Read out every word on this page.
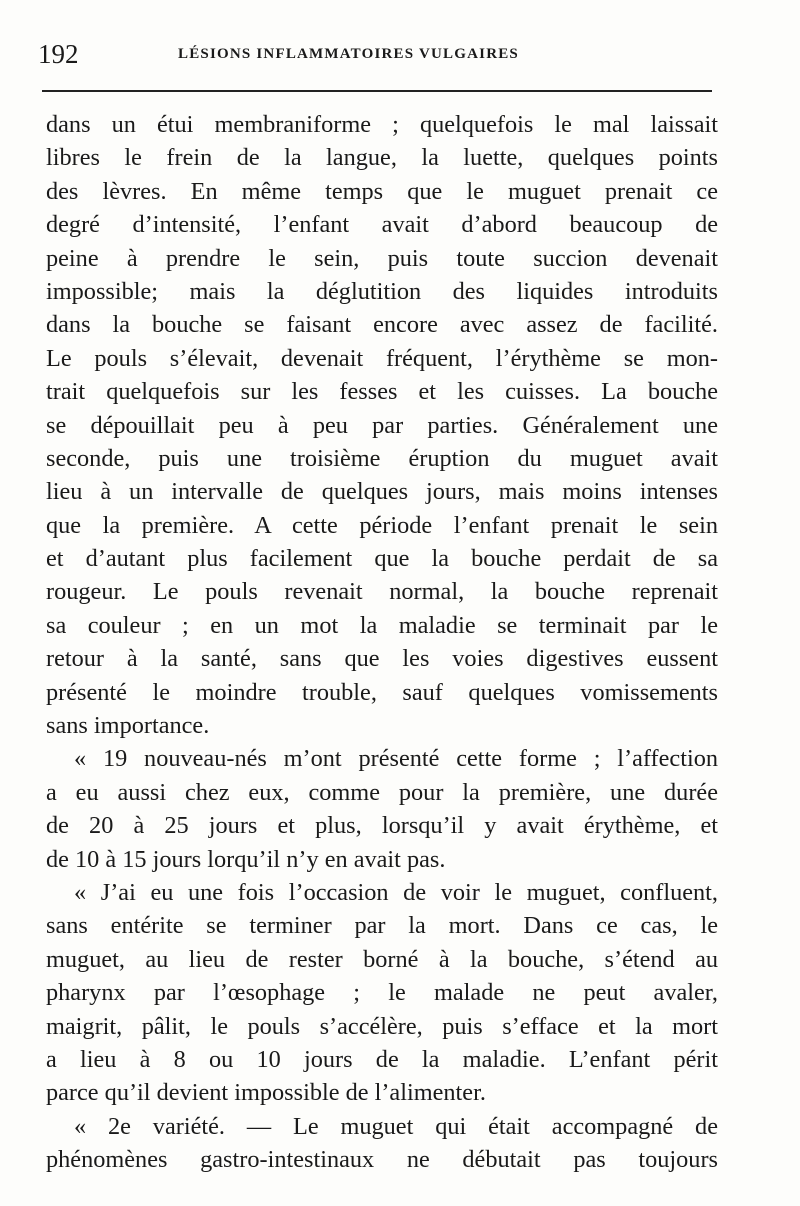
192	LÉSIONS INFLAMMATOIRES VULGAIRES
dans un étui membraniforme ; quelquefois le mal laissait
libres le frein de la langue, la luette, quelques points
des lèvres. En même temps que le muguet prenait ce
degré d’intensité, l’enfant avait d’abord beaucoup de
peine à prendre le sein, puis toute succion devenait
impossible; mais la déglutition des liquides introduits
dans la bouche se faisant encore avec assez de facilité.
Le pouls s’élevait, devenait fréquent, l’érythème se mon-
trait quelquefois sur les fesses et les cuisses. La bouche
se dépouillait peu à peu par parties. Généralement une
seconde, puis une troisième éruption du muguet avait
lieu à un intervalle de quelques jours, mais moins intenses
que la première. A cette période l’enfant prenait le sein
et d’autant plus facilement que la bouche perdait de sa
rougeur. Le pouls revenait normal, la bouche reprenait
sa couleur ; en un mot la maladie se terminait par le
retour à la santé, sans que les voies digestives eussent
présenté le moindre trouble, sauf quelques vomissements
sans importance.
« 19 nouveau-nés m’ont présenté cette forme ; l’affection
a eu aussi chez eux, comme pour la première, une durée
de 20 à 25 jours et plus, lorsqu’il y avait érythème, et
de 10 à 15 jours lorqu’il n’y en avait pas.
« J’ai eu une fois l’occasion de voir le muguet, confluent,
sans entérite se terminer par la mort. Dans ce cas, le
muguet, au lieu de rester borné à la bouche, s’étend au
pharynx par l’œsophage ; le malade ne peut avaler,
maigrit, pâlit, le pouls s’accélère, puis s’efface et la mort
a lieu à 8 ou 10 jours de la maladie. L’enfant périt
parce qu’il devient impossible de l’alimenter.
« 2e variété. — Le muguet qui était accompagné de
phénomènes gastro-intestinaux ne débutait pas toujours
